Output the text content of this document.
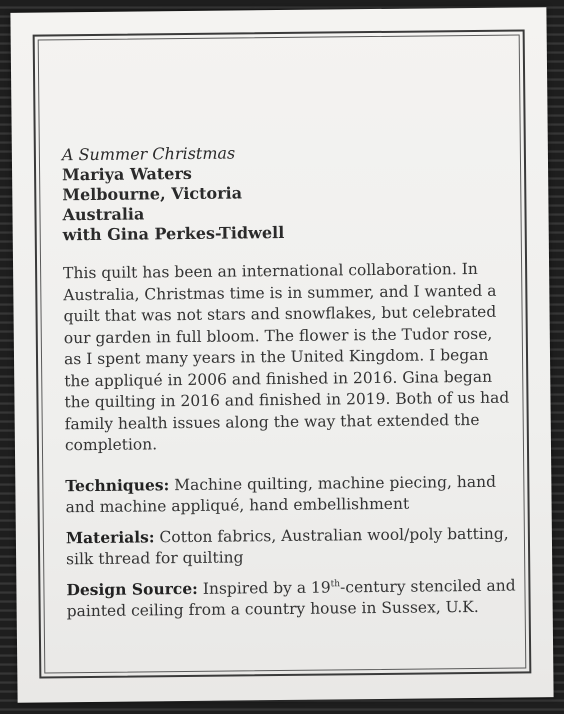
A Summer Christmas
Mariya Waters
Melbourne, Victoria
Australia
with Gina Perkes-Tidwell
This quilt has been an international collaboration. In Australia, Christmas time is in summer, and I wanted a quilt that was not stars and snowflakes, but celebrated our garden in full bloom. The flower is the Tudor rose, as I spent many years in the United Kingdom. I began the appliqué in 2006 and finished in 2016. Gina began the quilting in 2016 and finished in 2019. Both of us had family health issues along the way that extended the completion.
Techniques: Machine quilting, machine piecing, hand and machine appliqué, hand embellishment
Materials: Cotton fabrics, Australian wool/poly batting, silk thread for quilting
Design Source: Inspired by a 19th-century stenciled and painted ceiling from a country house in Sussex, U.K.
